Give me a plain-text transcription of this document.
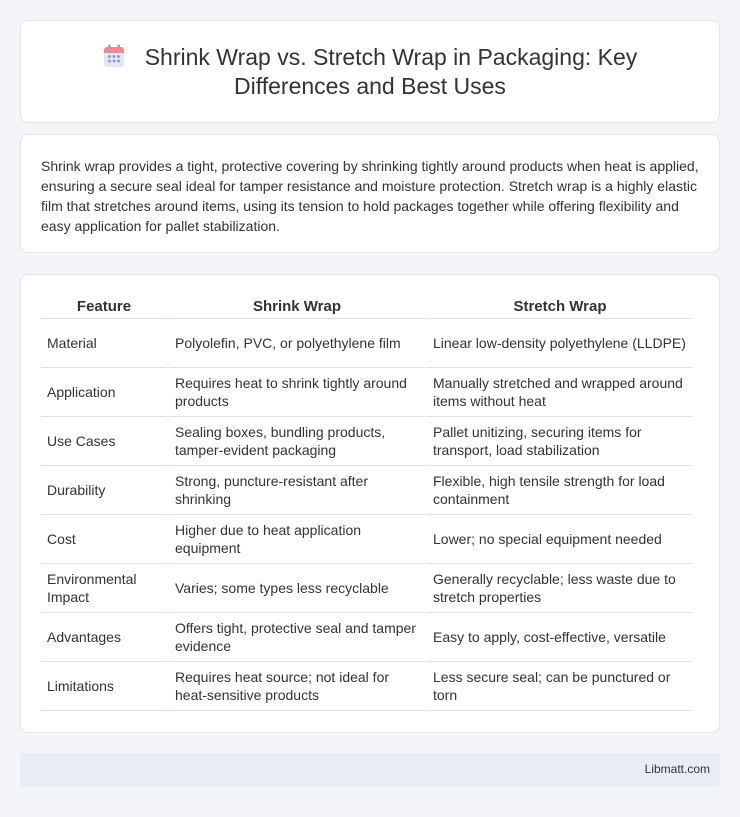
Shrink Wrap vs. Stretch Wrap in Packaging: Key Differences and Best Uses

Shrink wrap provides a tight, protective covering by shrinking tightly around products when heat is applied, ensuring a secure seal ideal for tamper resistance and moisture protection. Stretch wrap is a highly elastic film that stretches around items, using its tension to hold packages together while offering flexibility and easy application for pallet stabilization.

Feature	Shrink Wrap	Stretch Wrap
Material	Polyolefin, PVC, or polyethylene film	Linear low-density polyethylene (LLDPE)
Application	Requires heat to shrink tightly around products	Manually stretched and wrapped around items without heat
Use Cases	Sealing boxes, bundling products, tamper-evident packaging	Pallet unitizing, securing items for transport, load stabilization
Durability	Strong, puncture-resistant after shrinking	Flexible, high tensile strength for load containment
Cost	Higher due to heat application equipment	Lower; no special equipment needed
Environmental Impact	Varies; some types less recyclable	Generally recyclable; less waste due to stretch properties
Advantages	Offers tight, protective seal and tamper evidence	Easy to apply, cost-effective, versatile
Limitations	Requires heat source; not ideal for heat-sensitive products	Less secure seal; can be punctured or torn
Libmatt.com
